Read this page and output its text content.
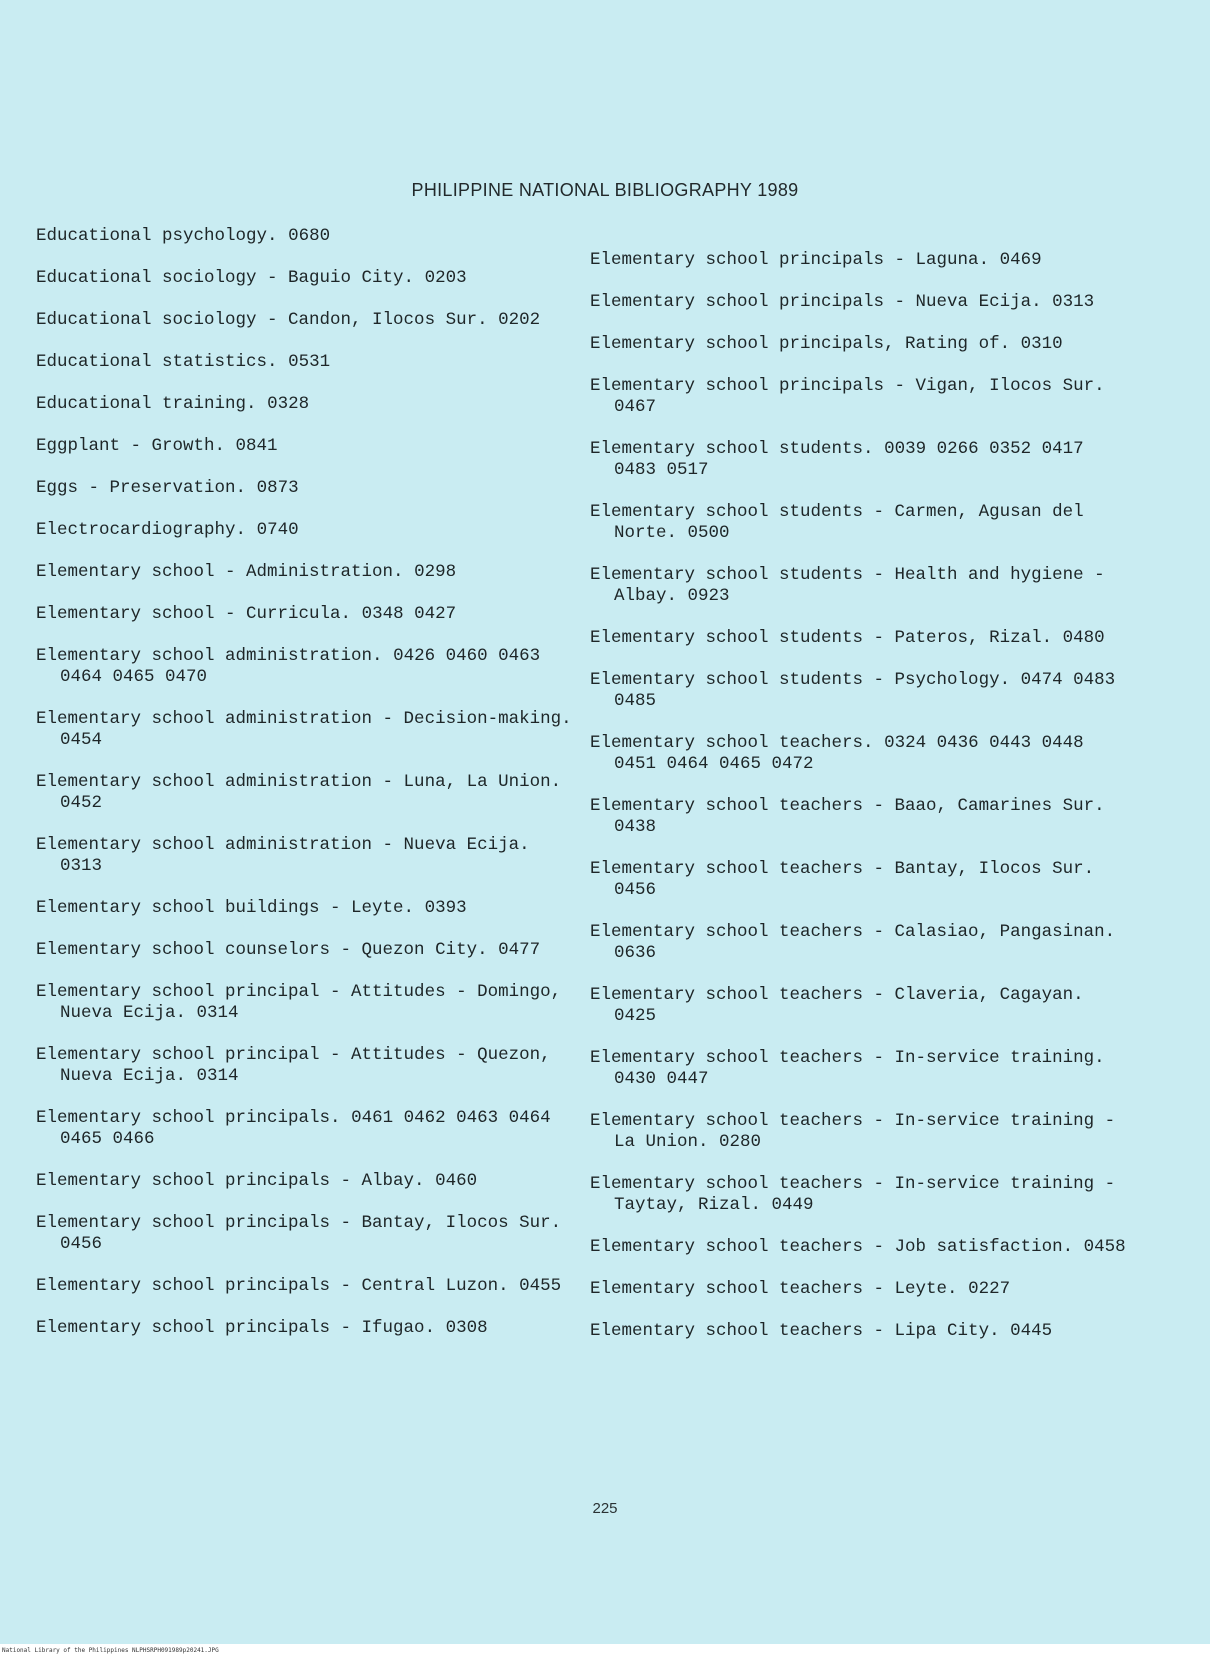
PHILIPPINE NATIONAL BIBLIOGRAPHY 1989
Educational psychology. 0680
Educational sociology - Baguio City. 0203
Educational sociology - Candon, Ilocos Sur. 0202
Educational statistics. 0531
Educational training. 0328
Eggplant - Growth. 0841
Eggs - Preservation. 0873
Electrocardiography. 0740
Elementary school - Administration. 0298
Elementary school - Curricula. 0348 0427
Elementary school administration. 0426 0460 0463 0464 0465 0470
Elementary school administration - Decision-making. 0454
Elementary school administration - Luna, La Union. 0452
Elementary school administration - Nueva Ecija. 0313
Elementary school buildings - Leyte. 0393
Elementary school counselors - Quezon City. 0477
Elementary school principal - Attitudes - Domingo, Nueva Ecija. 0314
Elementary school principal - Attitudes - Quezon, Nueva Ecija. 0314
Elementary school principals. 0461 0462 0463 0464 0465 0466
Elementary school principals - Albay. 0460
Elementary school principals - Bantay, Ilocos Sur. 0456
Elementary school principals - Central Luzon. 0455
Elementary school principals - Ifugao. 0308
Elementary school principals - Laguna. 0469
Elementary school principals - Nueva Ecija. 0313
Elementary school principals, Rating of. 0310
Elementary school principals - Vigan, Ilocos Sur. 0467
Elementary school students. 0039 0266 0352 0417 0483 0517
Elementary school students - Carmen, Agusan del Norte. 0500
Elementary school students - Health and hygiene - Albay. 0923
Elementary school students - Pateros, Rizal. 0480
Elementary school students - Psychology. 0474 0483 0485
Elementary school teachers. 0324 0436 0443 0448 0451 0464 0465 0472
Elementary school teachers - Baao, Camarines Sur. 0438
Elementary school teachers - Bantay, Ilocos Sur. 0456
Elementary school teachers - Calasiao, Pangasinan. 0636
Elementary school teachers - Claveria, Cagayan. 0425
Elementary school teachers - In-service training. 0430 0447
Elementary school teachers - In-service training - La Union. 0280
Elementary school teachers - In-service training - Taytay, Rizal. 0449
Elementary school teachers - Job satisfaction. 0458
Elementary school teachers - Leyte. 0227
Elementary school teachers - Lipa City. 0445
225
National Library of the Philippines NLPHSRPH091989p20241.JPG
